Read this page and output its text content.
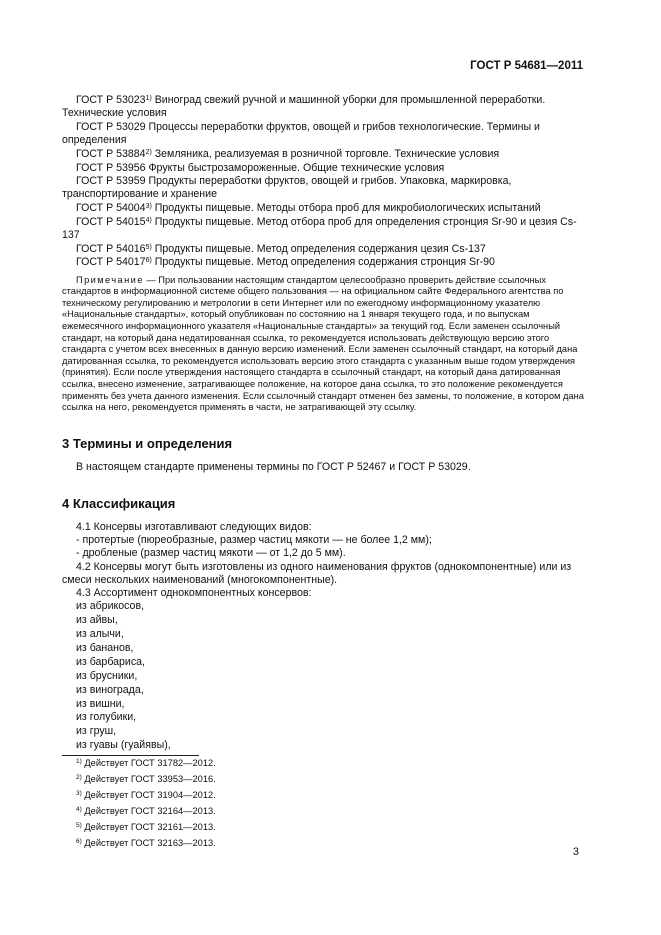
ГОСТ Р 54681—2011

ГОСТ Р 53023$^{1)}$ Виноград свежий ручной и машинной уборки для промышленной переработки. Технические условия

ГОСТ Р 53029 Процессы переработки фруктов, овощей и грибов технологические. Термины и определения

ГОСТ Р 53884$^{2)}$ Земляника, реализуемая в розничной торговле. Технические условия

ГОСТ Р 53956 Фрукты быстрозамороженные. Общие технические условия

ГОСТ Р 53959 Продукты переработки фруктов, овощей и грибов. Упаковка, маркировка, транспортирование и хранение

ГОСТ Р 54004$^{3)}$ Продукты пищевые. Методы отбора проб для микробиологических испытаний

ГОСТ Р 54015$^{4)}$ Продукты пищевые. Метод отбора проб для определения стронция Sr-90 и цезия Cs-137

ГОСТ Р 54016$^{5)}$ Продукты пищевые. Метод определения содержания цезия Cs-137

ГОСТ Р 54017$^{6)}$ Продукты пищевые. Метод определения содержания стронция Sr-90

Примечание — При пользовании настоящим стандартом целесообразно проверить действие ссылочных стандартов в информационной системе общего пользования — на официальном сайте Федерального агентства по техническому регулированию и метрологии в сети Интернет или по ежегодному информационному указателю «Национальные стандарты», который опубликован по состоянию на 1 января текущего года, и по выпускам ежемесячного информационного указателя «Национальные стандарты» за текущий год. Если заменен ссылочный стандарт, на который дана недатированная ссылка, то рекомендуется использовать действующую версию этого стандарта с учетом всех внесенных в данную версию изменений. Если заменен ссылочный стандарт, на который дана датированная ссылка, то рекомендуется использовать версию этого стандарта с указанным выше годом утверждения (принятия). Если после утверждения настоящего стандарта в ссылочный стандарт, на который дана датированная ссылка, внесено изменение, затрагивающее положение, на которое дана ссылка, то это положение рекомендуется применять без учета данного изменения. Если ссылочный стандарт отменен без замены, то положение, в котором дана ссылка на него, рекомендуется применять в части, не затрагивающей эту ссылку.

3 Термины и определения

В настоящем стандарте применены термины по ГОСТ Р 52467 и ГОСТ Р 53029.

4 Классификация

4.1 Консервы изготавливают следующих видов:

- протертые (пюреобразные, размер частиц мякоти — не более 1,2 мм);

- дробленые (размер частиц мякоти — от 1,2 до 5 мм).

4.2 Консервы могут быть изготовлены из одного наименования фруктов (однокомпонентные) или из смеси нескольких наименований (многокомпонентные).

4.3 Ассортимент однокомпонентных консервов:

из абрикосов,

из айвы,

из алычи,

из бананов,

из барбариса,

из брусники,

из винограда,

из вишни,

из голубики,

из груш,

из гуавы (гуайявы),

$^{1)}$ Действует ГОСТ 31782—2012.

$^{2)}$ Действует ГОСТ 33953—2016.

$^{3)}$ Действует ГОСТ 31904—2012.

$^{4)}$ Действует ГОСТ 32164—2013.

$^{5)}$ Действует ГОСТ 32161—2013.

$^{6)}$ Действует ГОСТ 32163—2013.

3
